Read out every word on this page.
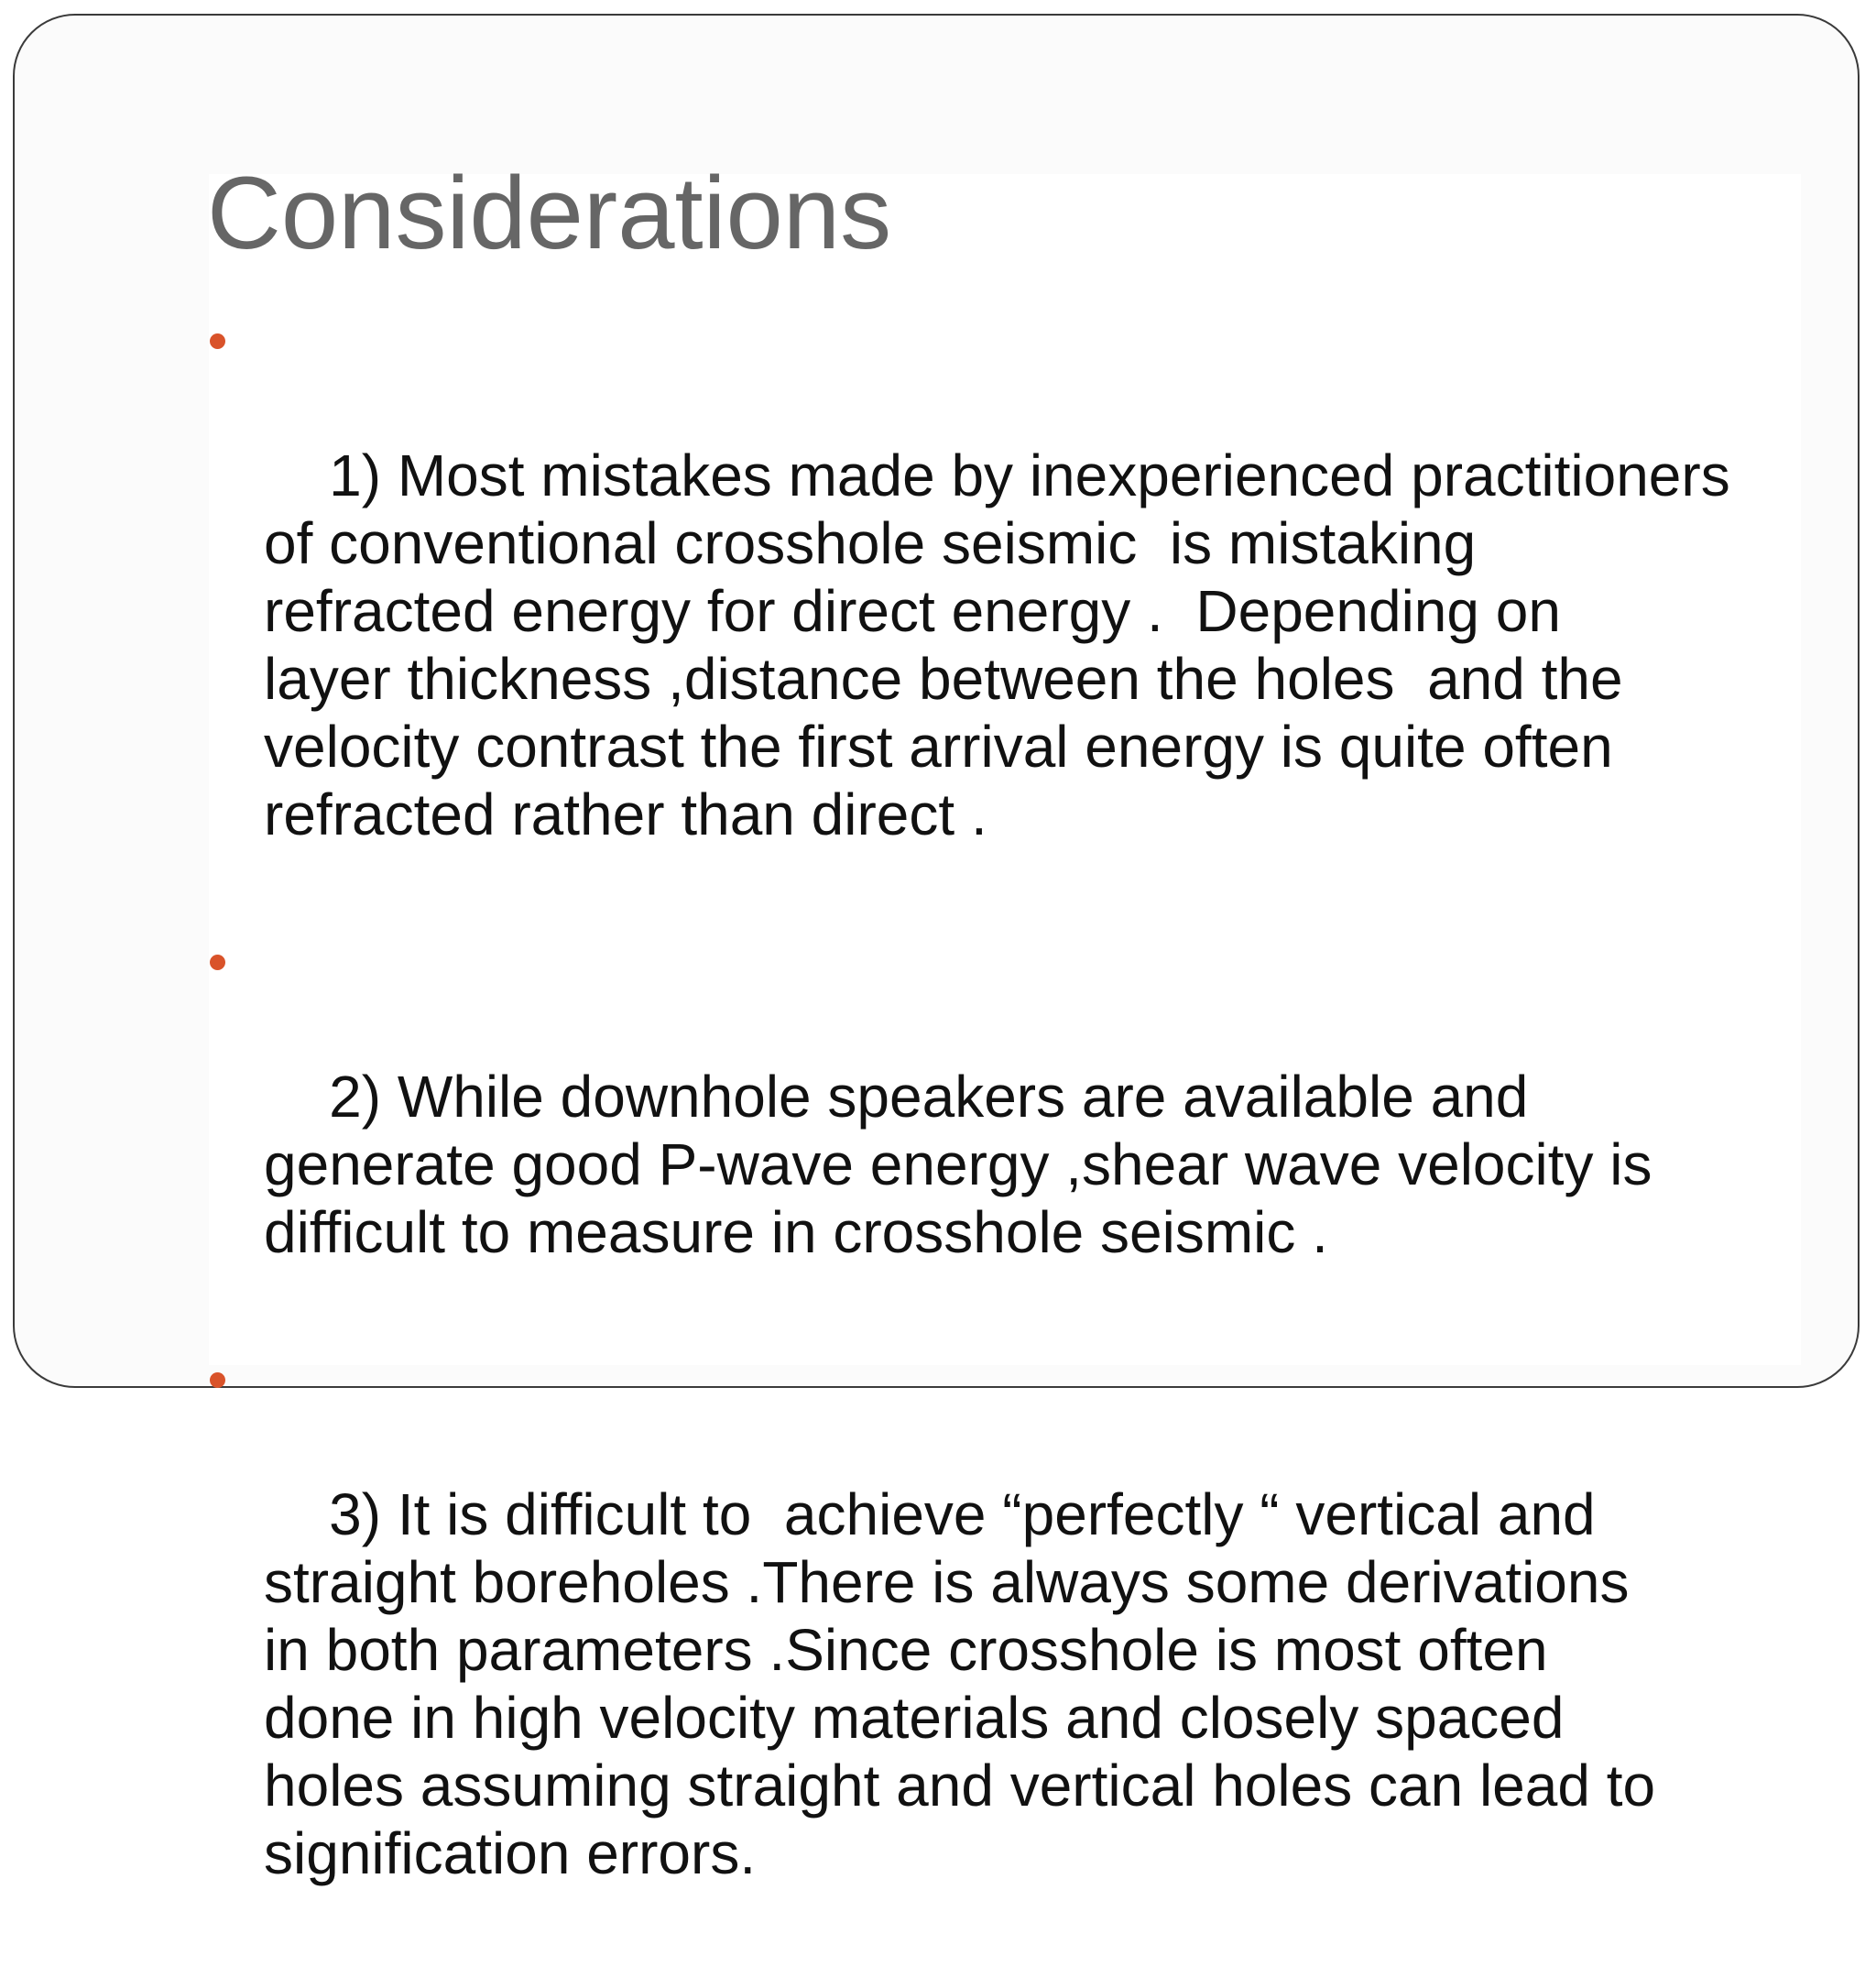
Considerations

1) Most mistakes made by inexperienced practitioners
of conventional crosshole seismic  is mistaking
refracted energy for direct energy .  Depending on
layer thickness ,distance between the holes  and the
velocity contrast the first arrival energy is quite often
refracted rather than direct .

2) While downhole speakers are available and
generate good P-wave energy ,shear wave velocity is
difficult to measure in crosshole seismic .

3) It is difficult to  achieve “perfectly “ vertical and
straight boreholes .There is always some derivations
in both parameters .Since crosshole is most often
done in high velocity materials and closely spaced
holes assuming straight and vertical holes can lead to
signification errors.
